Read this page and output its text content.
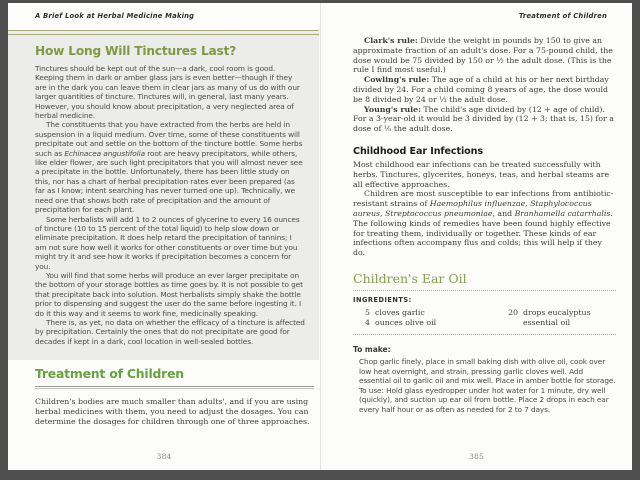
A Brief Look at Herbal Medicine Making
How Long Will Tinctures Last?

Tinctures should be kept out of the sun—a dark, cool room is good. Keeping them in dark or amber glass jars is even better—though if they are in the dark you can leave them in clear jars as many of us do with our larger quantities of tincture. Tinctures will, in general, last many years. However, you should know about precipitation, a very neglected area of herbal medicine.

The constituents that you have extracted from the herbs are held in suspension in a liquid medium. Over time, some of these constituents will precipitate out and settle on the bottom of the tincture bottle. Some herbs such as Echinacea angustifolia root are heavy precipitators, while others, like elder flower, are such light precipitators that you will almost never see a precipitate in the bottle. Unfortunately, there has been little study on this, nor has a chart of herbal precipitation rates ever been prepared (as far as I know; intent searching has never turned one up). Technically, we need one that shows both rate of precipitation and the amount of precipitation for each plant.

Some herbalists will add 1 to 2 ounces of glycerine to every 16 ounces of tincture (10 to 15 percent of the total liquid) to help slow down or eliminate precipitation. It does help retard the precipitation of tannins; I am not sure how well it works for other constituents or over time but you might try it and see how it works if precipitation becomes a concern for you.

You will find that some herbs will produce an ever larger precipitate on the bottom of your storage bottles as time goes by. It is not possible to get that precipitate back into solution. Most herbalists simply shake the bottle prior to dispensing and suggest the user do the same before ingesting it. I do it this way and it seems to work fine, medicinally speaking.

There is, as yet, no data on whether the efficacy of a tincture is affected by precipitation. Certainly the ones that do not precipitate are good for decades if kept in a dark, cool location in well-sealed bottles.

Treatment of Children

Children's bodies are much smaller than adults', and if you are using herbal medicines with them, you need to adjust the dosages. You can determine the dosages for children through one of three approaches.

384
Treatment of Children

Clark's rule: Divide the weight in pounds by 150 to give an approximate fraction of an adult's dose. For a 75-pound child, the dose would be 75 divided by 150 or ½ the adult dose. (This is the rule I find most useful.)

Cowling's rule: The age of a child at his or her next birthday divided by 24. For a child coming 8 years of age, the dose would be 8 divided by 24 or ⅓ the adult dose.

Young's rule: The child's age divided by (12 + age of child). For a 3-year-old it would be 3 divided by (12 + 3; that is, 15) for a dose of ⅕ the adult dose.

Childhood Ear Infections

Most childhood ear infections can be treated successfully with herbs. Tinctures, glycerites, honeys, teas, and herbal steams are all effective approaches.

Children are most susceptible to ear infections from antibiotic-resistant strains of Haemophilus influenzae, Staphylococcus aureus, Streptococcus pneumoniae, and Branhamella catarrhalis. The following kinds of remedies have been found highly effective for treating them, individually or together. These kinds of ear infections often accompany flus and colds; this will help if they do.

Children's Ear Oil
INGREDIENTS:
5 cloves garlic
4 ounces olive oil
20 drops eucalyptus essential oil
To make:

Chop garlic finely, place in small baking dish with olive oil, cook over low heat overnight, and strain, pressing garlic cloves well. Add essential oil to garlic oil and mix well. Place in amber bottle for storage. To use: Hold glass eyedropper under hot water for 1 minute, dry well (quickly), and suction up ear oil from bottle. Place 2 drops in each ear every half hour or as often as needed for 2 to 7 days.

385
